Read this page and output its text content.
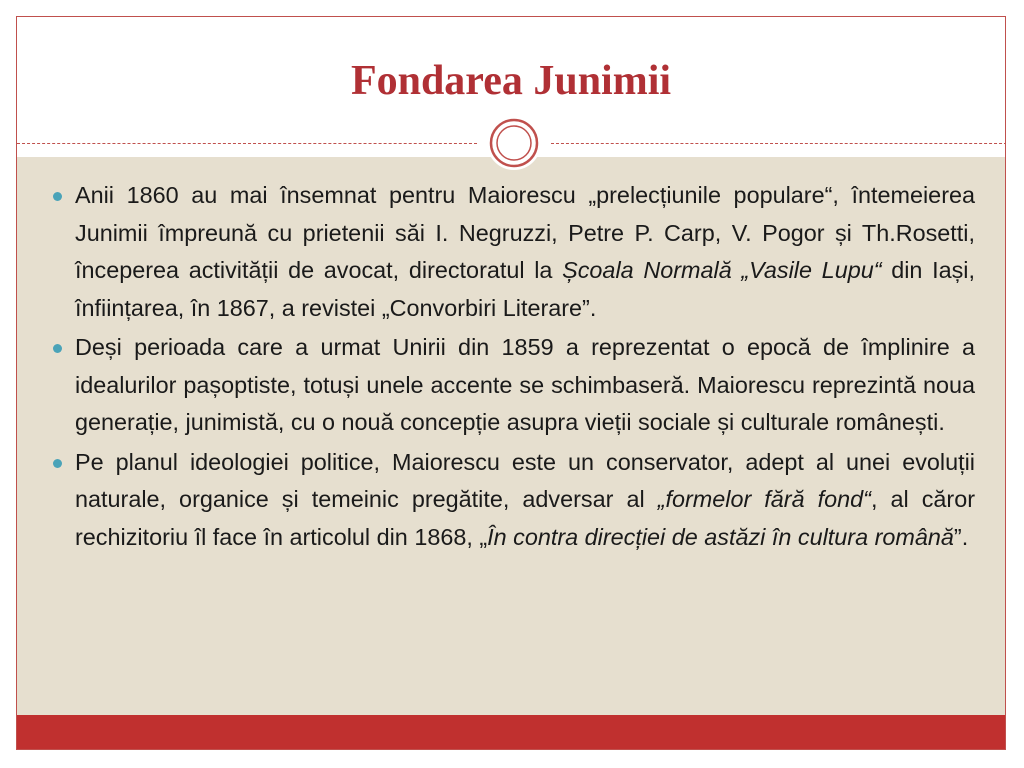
Fondarea Junimii
Anii 1860 au mai însemnat pentru Maiorescu „prelecțiunile populare“, întemeierea Junimii împreună cu prietenii săi I. Negruzzi, Petre P. Carp, V. Pogor și Th.Rosetti, începerea activității de avocat, directoratul la Școala Normală „Vasile Lupu“ din Iași, înființarea, în 1867, a revistei „Convorbiri Literare”.
Deși perioada care a urmat Unirii din 1859 a reprezentat o epocă de împlinire a idealurilor pașoptiste, totuși unele accente se schimbaseră. Maiorescu reprezintă noua generație, junimistă, cu o nouă concepție asupra vieții sociale și culturale românești.
Pe planul ideologiei politice, Maiorescu este un conservator, adept al unei evoluții naturale, organice și temeinic pregătite, adversar al „formelor fără fond“, al căror rechizitoriu îl face în articolul din 1868, „În contra direcției de astăzi în cultura română”.
